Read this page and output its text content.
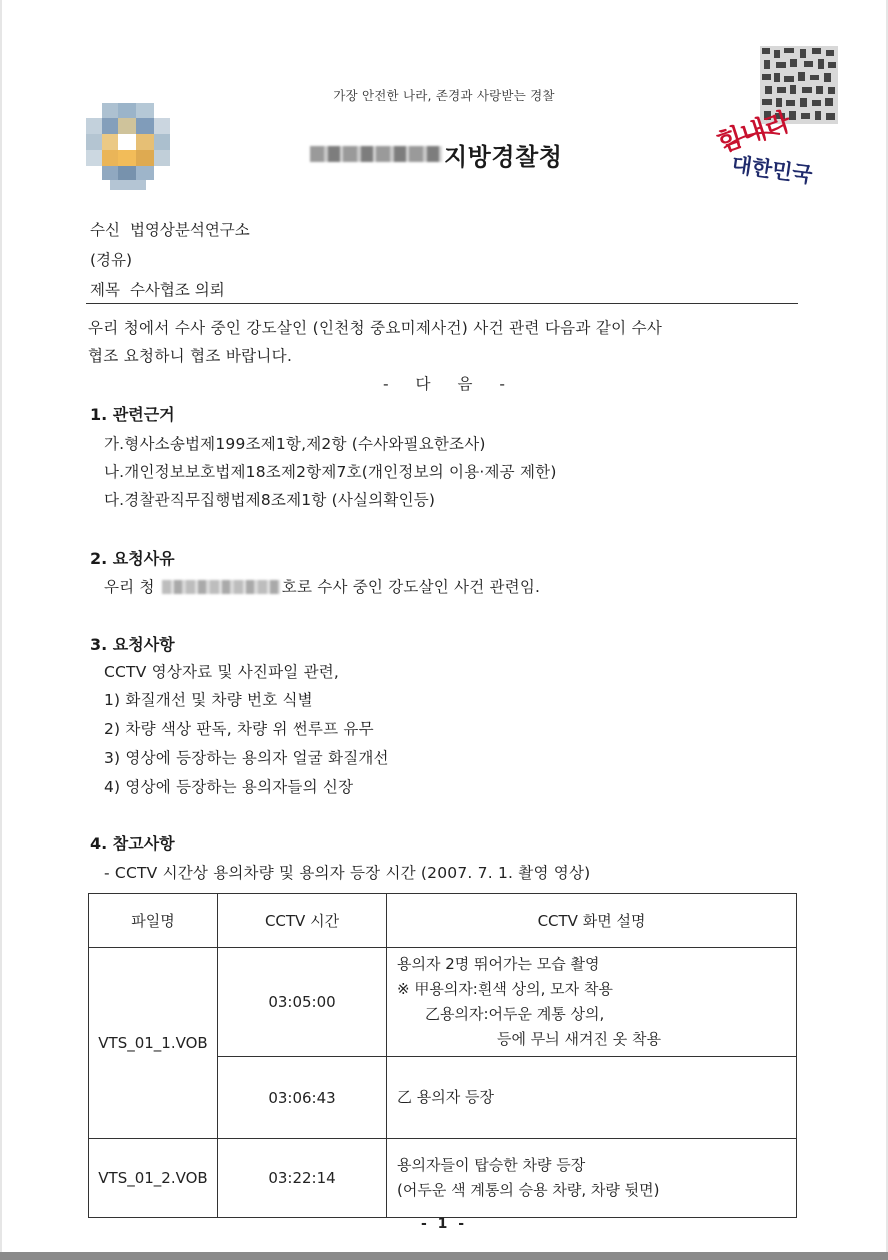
가장 안전한 나라, 존경과 사랑받는 경찰
지방경찰청	힘내라
대한민국
수신 법영상분석연구소
(경유)
제목 수사협조 의뢰
우리 청에서 수사 중인 강도살인 (인천청 중요미제사건) 사건 관련 다음과 같이 수사
협조 요청하니 협조 바랍니다.
- 다 음 -
1. 관련근거
가.형사소송법제199조제1항,제2항 (수사와필요한조사)
나.개인정보보호법제18조제2항제7호(개인정보의 이용·제공 제한)
다.경찰관직무집행법제8조제1항 (사실의확인등)
2. 요청사유
우리 청	호로 수사 중인 강도살인 사건 관련임.
3. 요청사항
CCTV 영상자료 및 사진파일 관련,
1) 화질개선 및 차량 번호 식별
2) 차량 색상 판독, 차량 위 썬루프 유무
3) 영상에 등장하는 용의자 얼굴 화질개선
4) 영상에 등장하는 용의자들의 신장
4. 참고사항
- CCTV 시간상 용의차량 및 용의자 등장 시간 (2007. 7. 1. 촬영 영상)
파일명	CCTV 시간	CCTV 화면 설명
VTS_01_1.VOB	03:05:00	용의자 2명 뛰어가는 모습 촬영
※ 甲용의자:흰색 상의, 모자 착용
乙용의자:어두운 계통 상의,
등에 무늬 새겨진 옷 착용

	03:06:43	乙 용의자 등장
VTS_01_2.VOB	03:22:14	용의자들이 탑승한 차량 등장
(어두운 색 계통의 승용 차량, 차량 뒷면)
- 1 -
